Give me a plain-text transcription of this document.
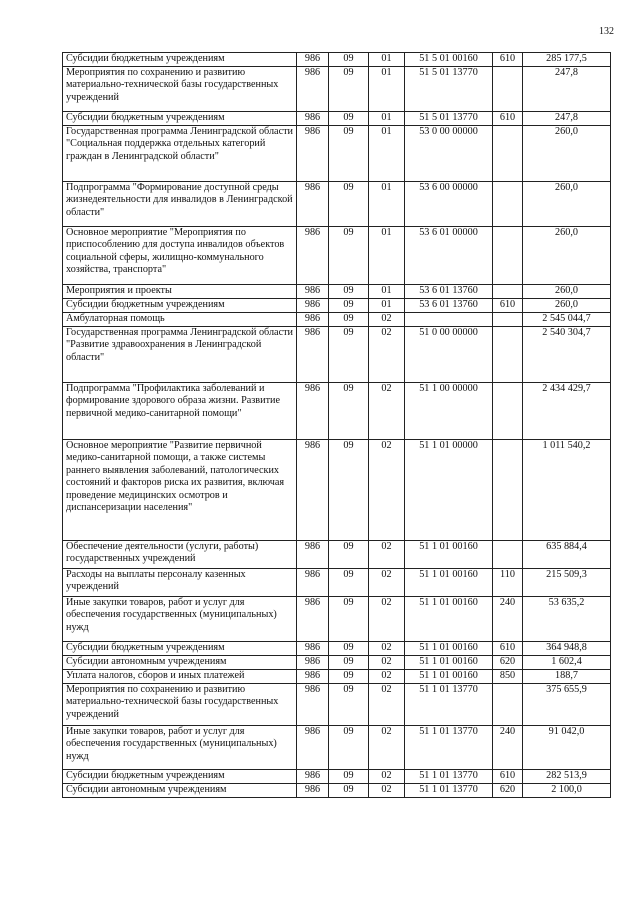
132
Субсидии бюджетным учреждениям	986	09	01	51 5 01 00160	610	285 177,5
Мероприятия по сохранению и развитию материально-технической базы государственных учреждений	986	09	01	51 5 01 13770		247,8
Субсидии бюджетным учреждениям	986	09	01	51 5 01 13770	610	247,8
Государственная программа Ленинградской области "Социальная поддержка отдельных категорий граждан в Ленинградской области"	986	09	01	53 0 00 00000		260,0
Подпрограмма "Формирование доступной среды жизнедеятельности для инвалидов в Ленинградской области"	986	09	01	53 6 00 00000		260,0
Основное мероприятие "Мероприятия по приспособлению для доступа инвалидов объектов социальной сферы, жилищно-коммунального хозяйства, транспорта"	986	09	01	53 6 01 00000		260,0
Мероприятия и проекты	986	09	01	53 6 01 13760		260,0
Субсидии бюджетным учреждениям	986	09	01	53 6 01 13760	610	260,0
Амбулаторная помощь	986	09	02			2 545 044,7
Государственная программа Ленинградской области "Развитие здравоохранения в Ленинградской области"	986	09	02	51 0 00 00000		2 540 304,7
Подпрограмма "Профилактика заболеваний и формирование здорового образа жизни. Развитие первичной медико-санитарной помощи"	986	09	02	51 1 00 00000		2 434 429,7
Основное мероприятие "Развитие первичной медико-санитарной помощи, а также системы раннего выявления заболеваний, патологических состояний и факторов риска их развития, включая проведение медицинских осмотров и диспансеризации населения"	986	09	02	51 1 01 00000		1 011 540,2
Обеспечение деятельности (услуги, работы) государственных учреждений	986	09	02	51 1 01 00160		635 884,4
Расходы на выплаты персоналу казенных учреждений	986	09	02	51 1 01 00160	110	215 509,3
Иные закупки товаров, работ и услуг для обеспечения государственных (муниципальных) нужд	986	09	02	51 1 01 00160	240	53 635,2
Субсидии бюджетным учреждениям	986	09	02	51 1 01 00160	610	364 948,8
Субсидии автономным учреждениям	986	09	02	51 1 01 00160	620	1 602,4
Уплата налогов, сборов и иных платежей	986	09	02	51 1 01 00160	850	188,7
Мероприятия по сохранению и развитию материально-технической базы государственных учреждений	986	09	02	51 1 01 13770		375 655,9
Иные закупки товаров, работ и услуг для обеспечения государственных (муниципальных) нужд	986	09	02	51 1 01 13770	240	91 042,0
Субсидии бюджетным учреждениям	986	09	02	51 1 01 13770	610	282 513,9
Субсидии автономным учреждениям	986	09	02	51 1 01 13770	620	2 100,0
